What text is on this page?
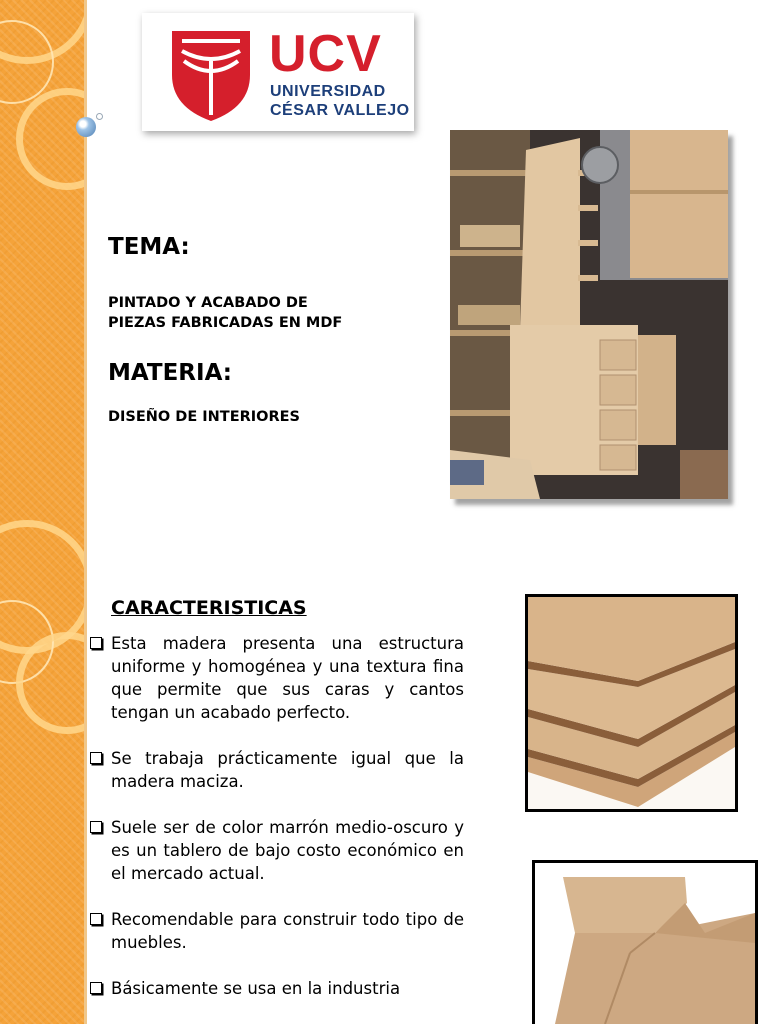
UCV
UNIVERSIDAD
CÉSAR VALLEJO
TEMA:
PINTADO Y ACABADO DE
PIEZAS FABRICADAS EN MDF
MATERIA:
DISEÑO DE INTERIORES
CARACTERISTICAS
Esta madera presenta una estructura uniforme y homogénea y una textura fina que permite que sus caras y cantos tengan un acabado perfecto.
Se trabaja prácticamente igual que la madera maciza.
Suele ser de color marrón medio-oscuro y es un tablero de bajo costo económico en el mercado actual.
Recomendable para construir todo tipo de muebles.
Básicamente se usa en la industria
